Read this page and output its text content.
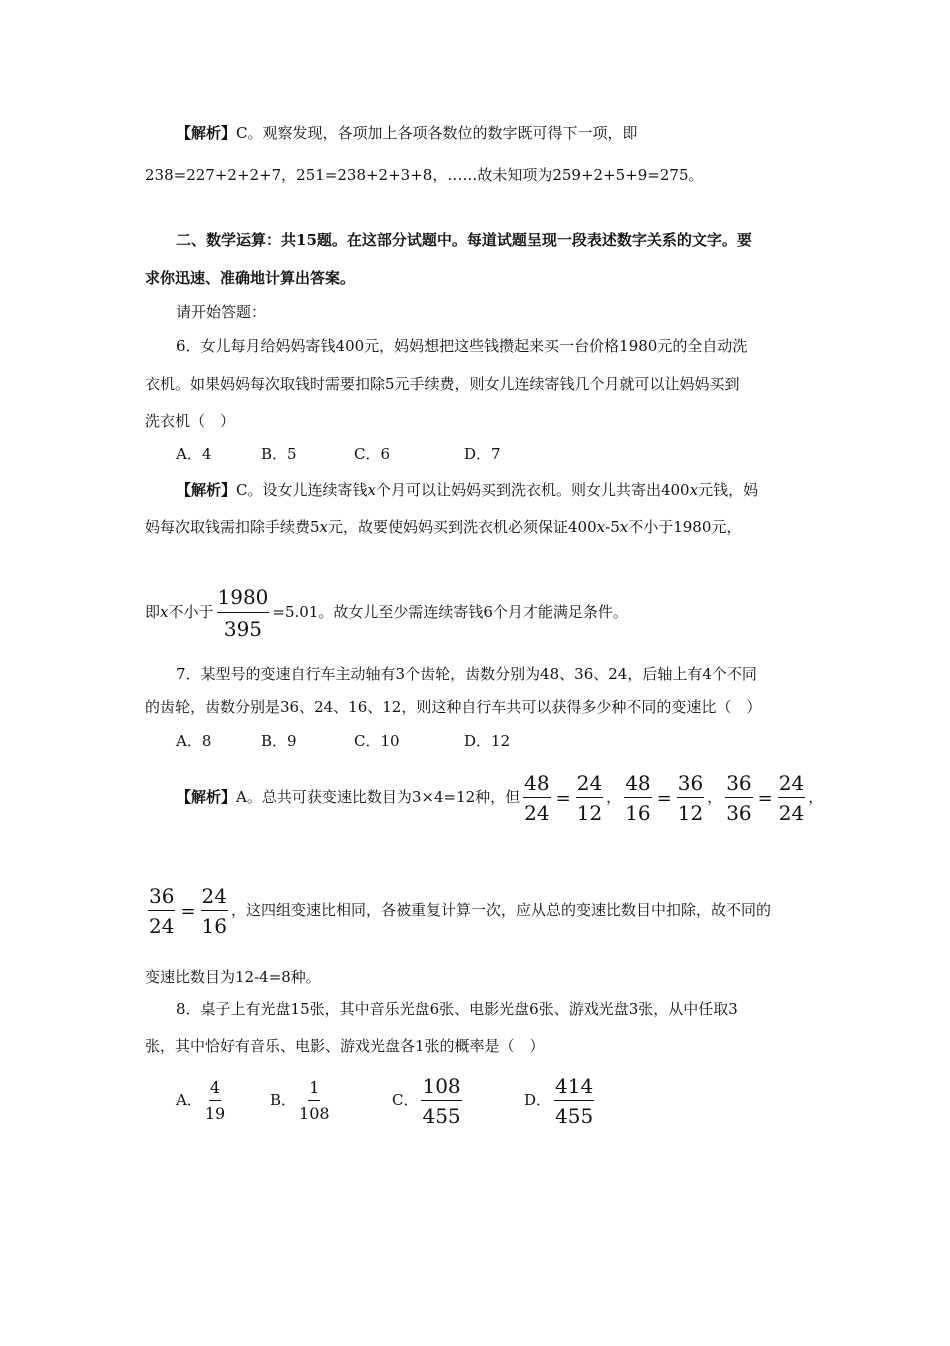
【解析】C。观察发现，各项加上各项各数位的数字既可得下一项，即
238=227+2+2+7，251=238+2+3+8，……故未知项为259+2+5+9=275。
二、数学运算：共15题。在这部分试题中。每道试题呈现一段表述数字关系的文字。要
求你迅速、准确地计算出答案。
请开始答题：
6．女儿每月给妈妈寄钱400元，妈妈想把这些钱攒起来买一台价格1980元的全自动洗
衣机。如果妈妈每次取钱时需要扣除5元手续费，则女儿连续寄钱几个月就可以让妈妈买到
洗衣机（　）
A．4	B．5	C．6	D．7
【解析】C。设女儿连续寄钱x个月可以让妈妈买到洗衣机。则女儿共寄出400x元钱，妈
妈每次取钱需扣除手续费5x元，故要使妈妈买到洗衣机必须保证400x-5x不小于1980元，
即x不小于 $\frac{1980}{395} =5.01$。故女儿至少需连续寄钱6个月才能满足条件。
7．某型号的变速自行车主动轴有3个齿轮，齿数分别为48、36、24，后轴上有4个不同
的齿轮，齿数分别是36、24、16、12，则这种自行车共可以获得多少种不同的变速比（　）
A．8	B．9	C．10	D．12
【解析】A。总共可获变速比数目为3×4=12种，但 $\frac{48}{24} = \frac{24}{12}$ ， $\frac{48}{16} = \frac{36}{12}$ ， $\frac{36}{36} = \frac{24}{24}$ ，
$\frac{36}{24} = \frac{24}{16}$ ，这四组变速比相同，各被重复计算一次，应从总的变速比数目中扣除，故不同的
变速比数目为12-4=8种。
8．桌子上有光盘15张，其中音乐光盘6张、电影光盘6张、游戏光盘3张，从中任取3
张，其中恰好有音乐、电影、游戏光盘各1张的概率是（　）
A． $\frac{4}{19}$	B． $\frac{1}{108}$	C． $\frac{108}{455}$	D． $\frac{414}{455}$
